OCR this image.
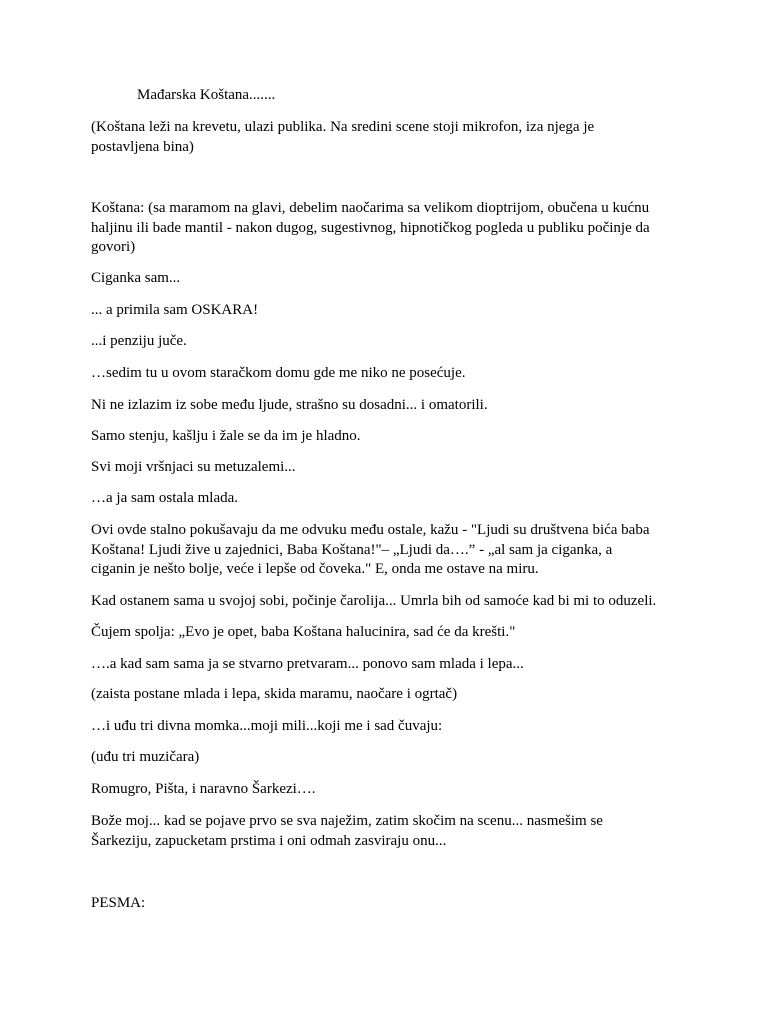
Mađarska Koštana.......
(Koštana leži na krevetu, ulazi publika. Na sredini scene stoji mikrofon, iza njega je
postavljena bina)
Koštana: (sa maramom na glavi, debelim naočarima sa velikom dioptrijom, obučena u kućnu
haljinu ili bade mantil - nakon dugog, sugestivnog, hipnotičkog pogleda u publiku počinje da
govori)
Ciganka sam...
... a primila sam OSKARA!
...i penziju juče.
…sedim tu u ovom staračkom domu gde me niko ne posećuje.
Ni ne izlazim iz sobe među ljude, strašno su dosadni... i omatorili.
Samo stenju, kašlju i žale se da im je hladno.
Svi moji vršnjaci su metuzalemi...
…a ja sam ostala mlada.
Ovi ovde stalno pokušavaju da me odvuku među ostale, kažu - "Ljudi su društvena bića baba
Koštana! Ljudi žive u zajednici, Baba Koštana!"– „Ljudi da….” - „al sam ja ciganka, a
ciganin je nešto bolje, veće i lepše od čoveka." E, onda me ostave na miru.
Kad ostanem sama u svojoj sobi, počinje čarolija... Umrla bih od samoće kad bi mi to oduzeli.
Čujem spolja: „Evo je opet, baba Koštana halucinira, sad će da krešti."
….a kad sam sama ja se stvarno pretvaram... ponovo sam mlada i lepa...
(zaista postane mlada i lepa, skida maramu, naočare i ogrtač)
…i uđu tri divna momka...moji mili...koji me i sad čuvaju:
(uđu tri muzičara)
Romugro, Pišta, i naravno Šarkezi….
Bože moj... kad se pojave prvo se sva naježim, zatim skočim na scenu... nasmešim se
Šarkeziju, zapucketam prstima i oni odmah zasviraju onu...
PESMA:
